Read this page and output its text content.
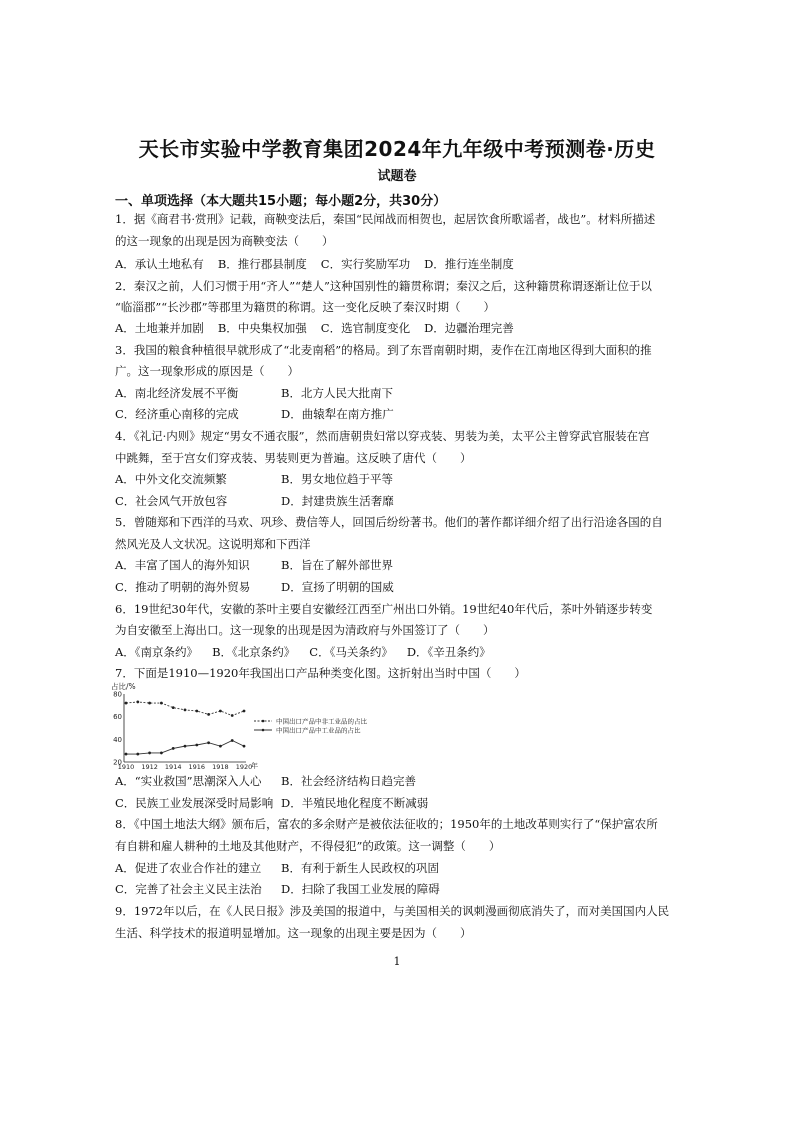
天长市实验中学教育集团2024年九年级中考预测卷·历史
试题卷
一、单项选择（本大题共15小题；每小题2分，共30分）
1．据《商君书·赏刑》记载，商鞅变法后，秦国“民闻战而相贺也，起居饮食所歌谣者，战也”。材料所描述
的这一现象的出现是因为商鞅变法（　　）
A．承认土地私有 B．推行郡县制度 C．实行奖励军功 D．推行连坐制度
2．秦汉之前，人们习惯于用“齐人”“楚人”这种国别性的籍贯称谓；秦汉之后，这种籍贯称谓逐渐让位于以
“临淄郡”“长沙郡”等郡里为籍贯的称谓。这一变化反映了秦汉时期（　　）
A．土地兼并加剧 B．中央集权加强 C．选官制度变化 D．边疆治理完善
3．我国的粮食种植很早就形成了“北麦南稻”的格局。到了东晋南朝时期，麦作在江南地区得到大面积的推
广。这一现象形成的原因是（　　）
A．南北经济发展不平衡	B．北方人民大批南下
C．经济重心南移的完成	D．曲辕犁在南方推广
4．《礼记·内则》规定“男女不通衣服”，然而唐朝贵妇常以穿戎装、男装为美，太平公主曾穿武官服装在宫
中跳舞，至于宫女们穿戎装、男装则更为普遍。这反映了唐代（　　）
A．中外文化交流频繁	B．男女地位趋于平等
C．社会风气开放包容	D．封建贵族生活奢靡
5．曾随郑和下西洋的马欢、巩珍、费信等人，回国后纷纷著书。他们的著作都详细介绍了出行沿途各国的自
然风光及人文状况。这说明郑和下西洋
A．丰富了国人的海外知识	B．旨在了解外部世界
C．推动了明朝的海外贸易	D．宣扬了明朝的国威
6．19世纪30年代，安徽的茶叶主要自安徽经江西至广州出口外销。19世纪40年代后，茶叶外销逐步转变
为自安徽至上海出口。这一现象的出现是因为清政府与外国签订了（　　）
A．《南京条约》 B．《北京条约》 C．《马关条约》 D．《辛丑条约》
7．下面是1910—1920年我国出口产品种类变化图。这折射出当时中国（　　）
占比/%
年
20
40
60
80
1910 1912 1914 1916 1918 1920
中国出口产品中非工业品的占比
中国出口产品中工业品的占比
A．“实业救国”思潮深入人心 B．社会经济结构日趋完善
C．民族工业发展深受时局影响 D．半殖民地化程度不断减弱
8．《中国土地法大纲》颁布后，富农的多余财产是被依法征收的；1950年的土地改革则实行了“保护富农所
有自耕和雇人耕种的土地及其他财产，不得侵犯”的政策。这一调整（　　）
A．促进了农业合作社的建立 B．有利于新生人民政权的巩固
C．完善了社会主义民主法治 D．扫除了我国工业发展的障碍
9．1972年以后，在《人民日报》涉及美国的报道中，与美国相关的讽刺漫画彻底消失了，而对美国国内人民
生活、科学技术的报道明显增加。这一现象的出现主要是因为（　　）
1
